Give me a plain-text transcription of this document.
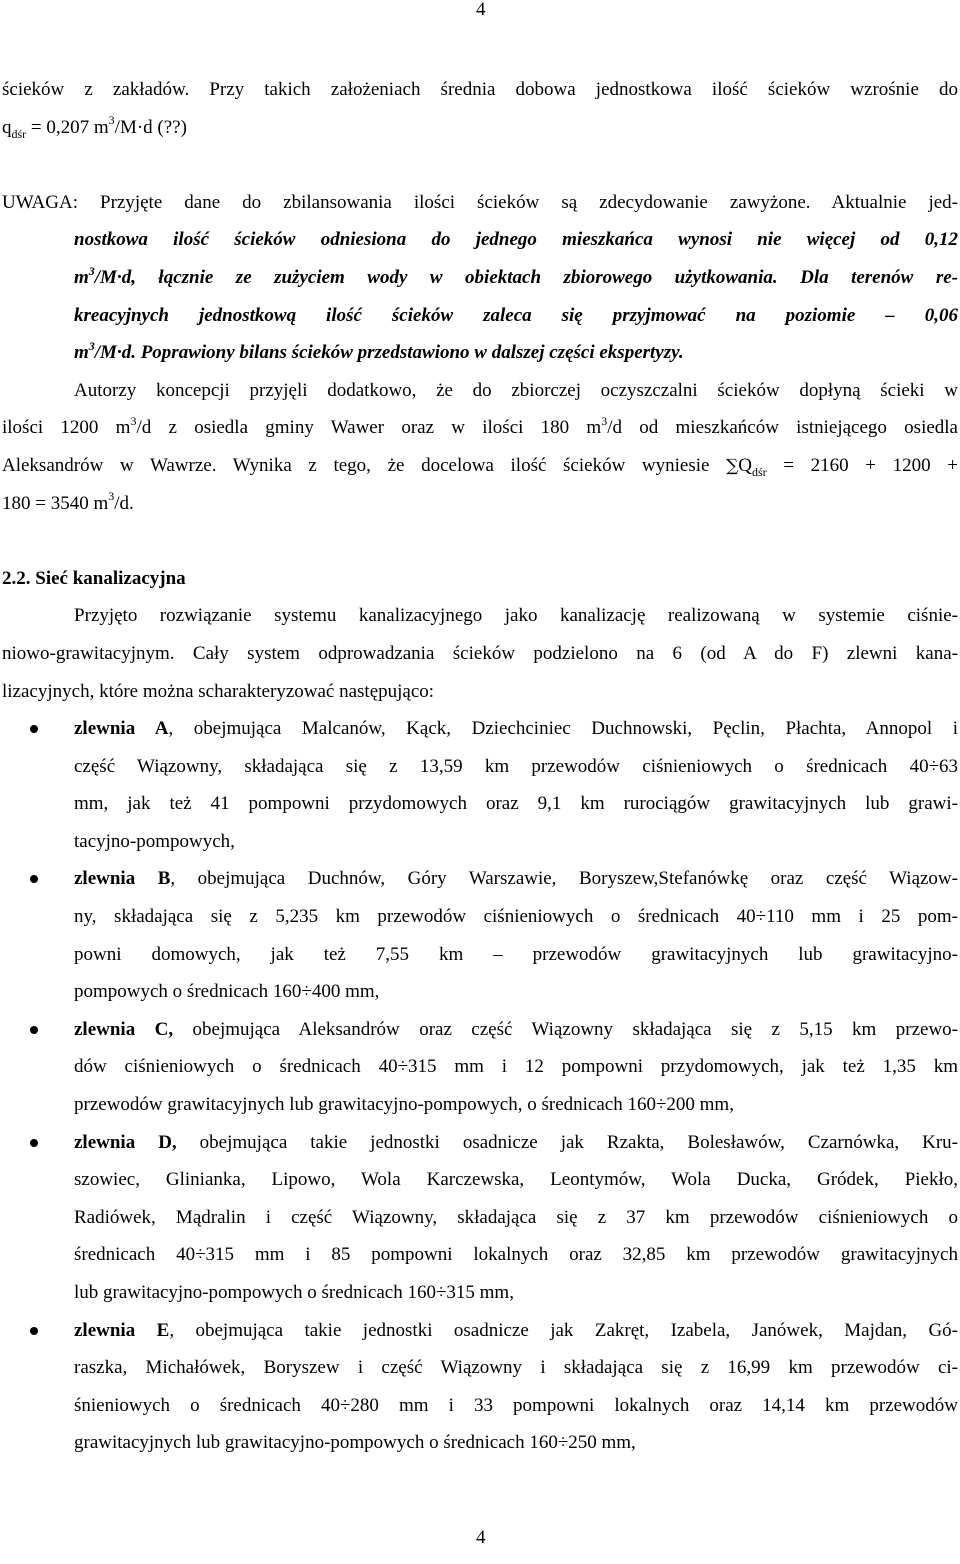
4
ścieków z zakładów. Przy takich założeniach średnia dobowa jednostkowa ilość ścieków wzrośnie do
$q_{dśr} = 0,207$ $m^3/M\cdot d$ (??)
UWAGA: Przyjęte dane do zbilansowania ilości ścieków są zdecydowanie zawyżone. Aktualnie jed-
nostkowa ilość ścieków odniesiona do jednego mieszkańca wynosi nie więcej od 0,12
$m^3/M\cdot d$, łącznie ze zużyciem wody w obiektach zbiorowego użytkowania. Dla terenów re-
kreacyjnych jednostkową ilość ścieków zaleca się przyjmować na poziomie – 0,06
$m^3/M\cdot d$. Poprawiony bilans ścieków przedstawiono w dalszej części ekspertyzy.
Autorzy koncepcji przyjęli dodatkowo, że do zbiorczej oczyszczalni ścieków dopłyną ścieki w
ilości 1200 $m^3/d$ z osiedla gminy Wawer oraz w ilości 180 $m^3/d$ od mieszkańców istniejącego osiedla
Aleksandrów w Wawrze. Wynika z tego, że docelowa ilość ścieków wyniesie $\sum Q_{dśr} = 2160 + 1200$ +
180 = 3540 $m^3/d$.
2.2. Sieć kanalizacyjna
Przyjęto rozwiązanie systemu kanalizacyjnego jako kanalizację realizowaną w systemie ciśnie-
niowo-grawitacyjnym. Cały system odprowadzania ścieków podzielono na 6 (od A do F) zlewni kana-
lizacyjnych, które można scharakteryzować następująco:
zlewnia A, obejmująca Malcanów, Kąck, Dziechciniec Duchnowski, Pęclin, Płachta, Annopol i
część Wiązowny, składająca się z 13,59 km przewodów ciśnieniowych o średnicach 40÷63
mm, jak też 41 pompowni przydomowych oraz 9,1 km rurociągów grawitacyjnych lub grawi-
tacyjno-pompowych,
zlewnia B, obejmująca Duchnów, Góry Warszawie, Boryszew,Stefanówkę oraz część Wiązow-
ny, składająca się z 5,235 km przewodów ciśnieniowych o średnicach 40÷110 mm i 25 pom-
powni domowych, jak też 7,55 km – przewodów grawitacyjnych lub grawitacyjno-
pompowych o średnicach 160÷400 mm,
zlewnia C, obejmująca Aleksandrów oraz część Wiązowny składająca się z 5,15 km przewo-
dów ciśnieniowych o średnicach 40÷315 mm i 12 pompowni przydomowych, jak też 1,35 km
przewodów grawitacyjnych lub grawitacyjno-pompowych, o średnicach 160÷200 mm,
zlewnia D, obejmująca takie jednostki osadnicze jak Rzakta, Bolesławów, Czarnówka, Kru-
szowiec, Glinianka, Lipowo, Wola Karczewska, Leontymów, Wola Ducka, Gródek, Piekło,
Radiówek, Mądralin i część Wiązowny, składająca się z 37 km przewodów ciśnieniowych o
średnicach 40÷315 mm i 85 pompowni lokalnych oraz 32,85 km przewodów grawitacyjnych
lub grawitacyjno-pompowych o średnicach 160÷315 mm,
zlewnia E, obejmująca takie jednostki osadnicze jak Zakręt, Izabela, Janówek, Majdan, Gó-
raszka, Michałówek, Boryszew i część Wiązowny i składająca się z 16,99 km przewodów ci-
śnieniowych o średnicach 40÷280 mm i 33 pompowni lokalnych oraz 14,14 km przewodów
grawitacyjnych lub grawitacyjno-pompowych o średnicach 160÷250 mm,
4
